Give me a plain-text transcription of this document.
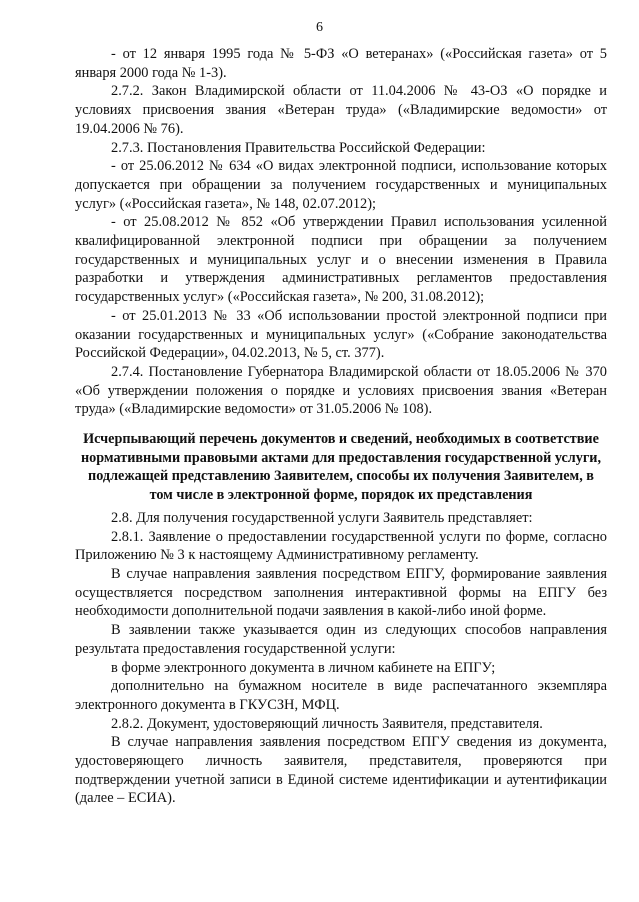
6

- от 12 января 1995 года № 5-ФЗ «О ветеранах» («Российская газета» от 5 января 2000 года № 1-3).

2.7.2. Закон Владимирской области от 11.04.2006 № 43-ОЗ «О порядке и условиях присвоения звания «Ветеран труда» («Владимирские ведомости» от 19.04.2006 № 76).

2.7.3. Постановления Правительства Российской Федерации:

- от 25.06.2012 № 634 «О видах электронной подписи, использование которых допускается при обращении за получением государственных и муниципальных услуг» («Российская газета», № 148, 02.07.2012);

- от 25.08.2012 № 852 «Об утверждении Правил использования усиленной квалифицированной электронной подписи при обращении за получением государственных и муниципальных услуг и о внесении изменения в Правила разработки и утверждения административных регламентов предоставления государственных услуг» («Российская газета», № 200, 31.08.2012);

- от 25.01.2013 № 33 «Об использовании простой электронной подписи при оказании государственных и муниципальных услуг» («Собрание законодательства Российской Федерации», 04.02.2013, № 5, ст. 377).

2.7.4. Постановление Губернатора Владимирской области от 18.05.2006 № 370 «Об утверждении положения о порядке и условиях присвоения звания «Ветеран труда» («Владимирские ведомости» от 31.05.2006 № 108).

Исчерпывающий перечень документов и сведений, необходимых в соответствие нормативными правовыми актами для предоставления государственной услуги, подлежащей представлению Заявителем, способы их получения Заявителем, в том числе в электронной форме, порядок их представления

2.8. Для получения государственной услуги Заявитель представляет:

2.8.1. Заявление о предоставлении государственной услуги по форме, согласно Приложению № 3 к настоящему Административному регламенту.

В случае направления заявления посредством ЕПГУ, формирование заявления осуществляется посредством заполнения интерактивной формы на ЕПГУ без необходимости дополнительной подачи заявления в какой-либо иной форме.

В заявлении также указывается один из следующих способов направления результата предоставления государственной услуги:

в форме электронного документа в личном кабинете на ЕПГУ;

дополнительно на бумажном носителе в виде распечатанного экземпляра электронного документа в ГКУСЗН, МФЦ.

2.8.2. Документ, удостоверяющий личность Заявителя, представителя.

В случае направления заявления посредством ЕПГУ сведения из документа, удостоверяющего личность заявителя, представителя, проверяются при подтверждении учетной записи в Единой системе идентификации и аутентификации (далее – ЕСИА).
